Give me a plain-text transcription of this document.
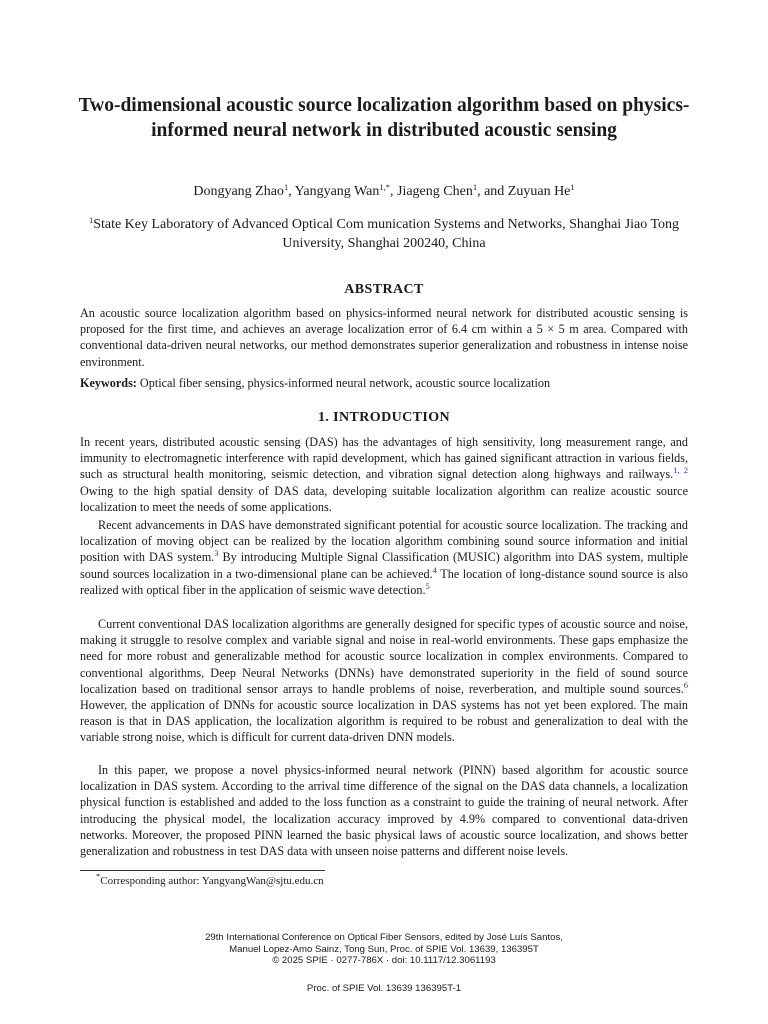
Two-dimensional acoustic source localization algorithm based on physics-informed neural network in distributed acoustic sensing
Dongyang Zhao$^1$, Yangyang Wan$^{1,*}$, Jiageng Chen$^1$, and Zuyuan He$^1$
$^1$State Key Laboratory of Advanced Optical Com munication Systems and Networks, Shanghai Jiao Tong University, Shanghai 200240, China
ABSTRACT
An acoustic source localization algorithm based on physics-informed neural network for distributed acoustic sensing is proposed for the first time, and achieves an average localization error of 6.4 cm within a 5 × 5 m area. Compared with conventional data-driven neural networks, our method demonstrates superior generalization and robustness in intense noise environment.
Keywords: Optical fiber sensing, physics-informed neural network, acoustic source localization
1. INTRODUCTION
In recent years, distributed acoustic sensing (DAS) has the advantages of high sensitivity, long measurement range, and immunity to electromagnetic interference with rapid development, which has gained significant attraction in various fields, such as structural health monitoring, seismic detection, and vibration signal detection along highways and railways.$^{1, 2}$ Owing to the high spatial density of DAS data, developing suitable localization algorithm can realize acoustic source localization to meet the needs of some applications.
Recent advancements in DAS have demonstrated significant potential for acoustic source localization. The tracking and localization of moving object can be realized by the location algorithm combining sound source information and initial position with DAS system.$^3$ By introducing Multiple Signal Classification (MUSIC) algorithm into DAS system, multiple sound sources localization in a two-dimensional plane can be achieved.$^4$ The location of long-distance sound source is also realized with optical fiber in the application of seismic wave detection.$^5$
Current conventional DAS localization algorithms are generally designed for specific types of acoustic source and noise, making it struggle to resolve complex and variable signal and noise in real-world environments. These gaps emphasize the need for more robust and generalizable method for acoustic source localization in complex environments. Compared to conventional algorithms, Deep Neural Networks (DNNs) have demonstrated superiority in the field of sound source localization based on traditional sensor arrays to handle problems of noise, reverberation, and multiple sound sources.$^6$ However, the application of DNNs for acoustic source localization in DAS systems has not yet been explored. The main reason is that in DAS application, the localization algorithm is required to be robust and generalization to deal with the variable strong noise, which is difficult for current data-driven DNN models.
In this paper, we propose a novel physics-informed neural network (PINN) based algorithm for acoustic source localization in DAS system. According to the arrival time difference of the signal on the DAS data channels, a localization physical function is established and added to the loss function as a constraint to guide the training of neural network. After introducing the physical model, the localization accuracy improved by 4.9% compared to conventional data-driven networks. Moreover, the proposed PINN learned the basic physical laws of acoustic source localization, and shows better generalization and robustness in test DAS data with unseen noise patterns and different noise levels.
*Corresponding author: YangyangWan@sjtu.edu.cn
29th International Conference on Optical Fiber Sensors, edited by José Luís Santos,
Manuel Lopez-Amo Sainz, Tong Sun, Proc. of SPIE Vol. 13639, 136395T
© 2025 SPIE · 0277-786X · doi: 10.1117/12.3061193
Proc. of SPIE Vol. 13639 136395T-1
